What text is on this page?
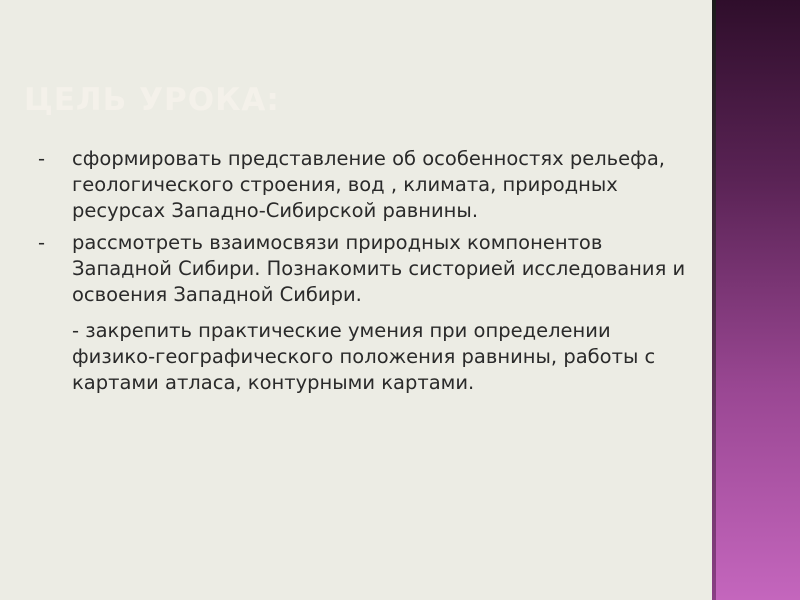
ЦЕЛЬ УРОКА:
- сформировать представление об особенностях рельефа, геологического строения, вод , климата, природных ресурсах Западно-Сибирской равнины.
- рассмотреть взаимосвязи природных компонентов Западной Сибири. Познакомить систорией исследования и освоения Западной Сибири.
- закрепить практические умения при определении физико-географического положения равнины, работы с картами атласа, контурными картами.
